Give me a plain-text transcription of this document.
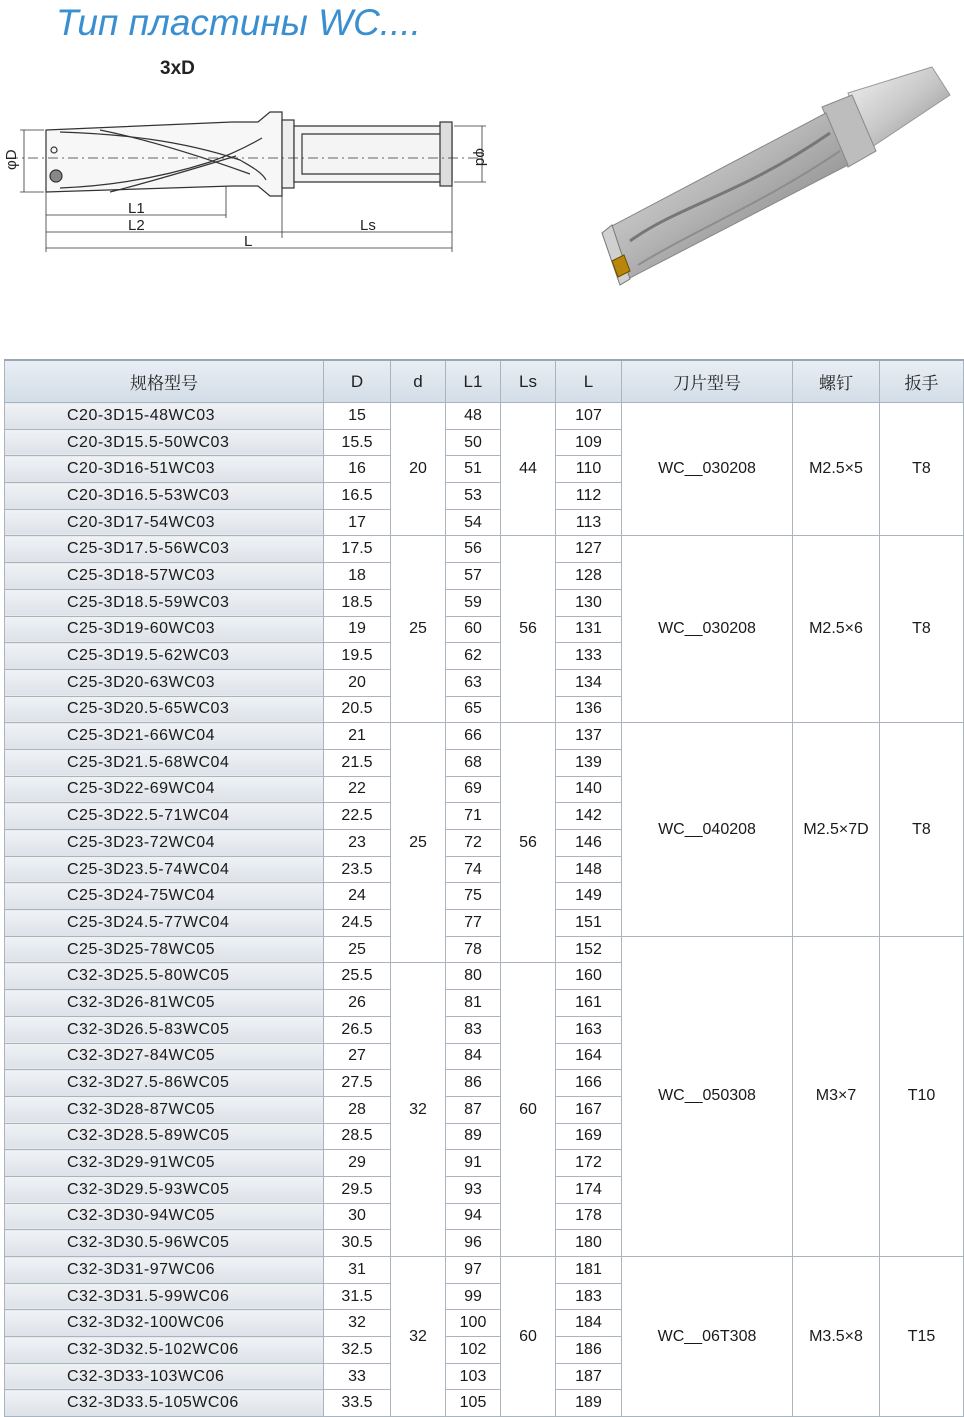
Тип пластины WC....
3xD
φD	φd
L1
L2	Ls
L
规格型号	D	d	L1	Ls	L	刀片型号	螺钉	扳手
C20-3D15-48WC03	15	20	48	44	107	WC__030208	M2.5×5	T8
C20-3D15.5-50WC03	15.5		50		109			
C20-3D16-51WC03	16		51		110			
C20-3D16.5-53WC03	16.5		53		112			
C20-3D17-54WC03	17		54		113			
C25-3D17.5-56WC03	17.5	25	56	56	127	WC__030208	M2.5×6	T8
C25-3D18-57WC03	18		57		128			
C25-3D18.5-59WC03	18.5		59		130			
C25-3D19-60WC03	19		60		131			
C25-3D19.5-62WC03	19.5		62		133			
C25-3D20-63WC03	20		63		134			
C25-3D20.5-65WC03	20.5		65		136			
C25-3D21-66WC04	21	25	66	56	137	WC__040208	M2.5×7D	T8
C25-3D21.5-68WC04	21.5		68		139			
C25-3D22-69WC04	22		69		140			
C25-3D22.5-71WC04	22.5		71		142			
C25-3D23-72WC04	23		72		146			
C25-3D23.5-74WC04	23.5		74		148			
C25-3D24-75WC04	24		75		149			
C25-3D24.5-77WC04	24.5		77		151			
C25-3D25-78WC05	25		78		152	WC__050308	M3×7	T10
C32-3D25.5-80WC05	25.5	32	80	60	160			
C32-3D26-81WC05	26		81		161			
C32-3D26.5-83WC05	26.5		83		163			
C32-3D27-84WC05	27		84		164			
C32-3D27.5-86WC05	27.5		86		166			
C32-3D28-87WC05	28		87		167			
C32-3D28.5-89WC05	28.5		89		169			
C32-3D29-91WC05	29		91		172			
C32-3D29.5-93WC05	29.5		93		174			
C32-3D30-94WC05	30		94		178			
C32-3D30.5-96WC05	30.5		96		180			
C32-3D31-97WC06	31	32	97	60	181	WC__06T308	M3.5×8	T15
C32-3D31.5-99WC06	31.5		99		183			
C32-3D32-100WC06	32		100		184			
C32-3D32.5-102WC06	32.5		102		186			
C32-3D33-103WC06	33		103		187			
C32-3D33.5-105WC06	33.5		105		189			
